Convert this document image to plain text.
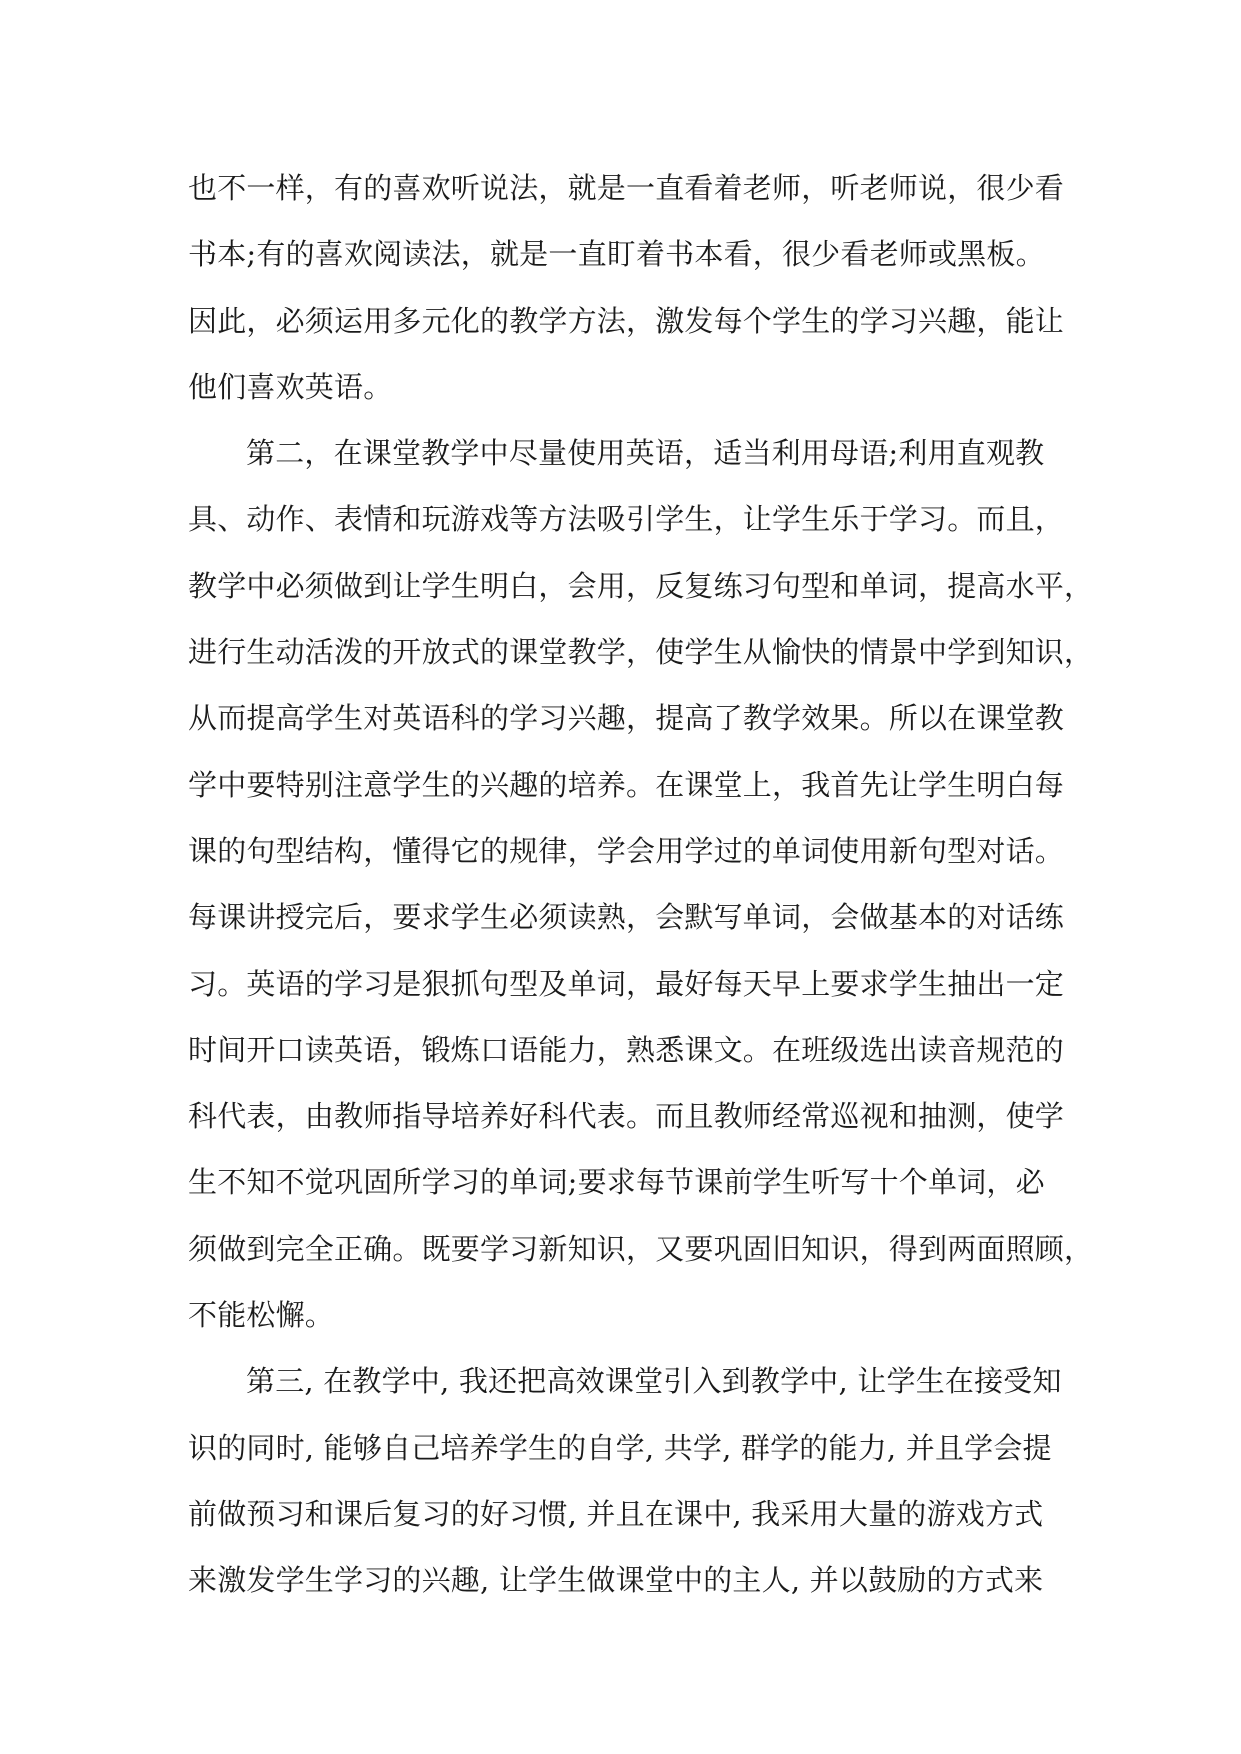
也不一样，有的喜欢听说法，就是一直看着老师，听老师说，很少看
书本;有的喜欢阅读法，就是一直盯着书本看，很少看老师或黑板。
因此，必须运用多元化的教学方法，激发每个学生的学习兴趣，能让
他们喜欢英语。
第二，在课堂教学中尽量使用英语，适当利用母语;利用直观教
具、动作、表情和玩游戏等方法吸引学生，让学生乐于学习。而且，
教学中必须做到让学生明白，会用，反复练习句型和单词，提高水平，
进行生动活泼的开放式的课堂教学，使学生从愉快的情景中学到知识，
从而提高学生对英语科的学习兴趣，提高了教学效果。所以在课堂教
学中要特别注意学生的兴趣的培养。在课堂上，我首先让学生明白每
课的句型结构，懂得它的规律，学会用学过的单词使用新句型对话。
每课讲授完后，要求学生必须读熟，会默写单词，会做基本的对话练
习。英语的学习是狠抓句型及单词，最好每天早上要求学生抽出一定
时间开口读英语，锻炼口语能力，熟悉课文。在班级选出读音规范的
科代表，由教师指导培养好科代表。而且教师经常巡视和抽测，使学
生不知不觉巩固所学习的单词;要求每节课前学生听写十个单词，必
须做到完全正确。既要学习新知识，又要巩固旧知识，得到两面照顾，
不能松懈。
第三, 在教学中, 我还把高效课堂引入到教学中, 让学生在接受知
识的同时, 能够自己培养学生的自学, 共学, 群学的能力, 并且学会提
前做预习和课后复习的好习惯, 并且在课中, 我采用大量的游戏方式
来激发学生学习的兴趣, 让学生做课堂中的主人, 并以鼓励的方式来
